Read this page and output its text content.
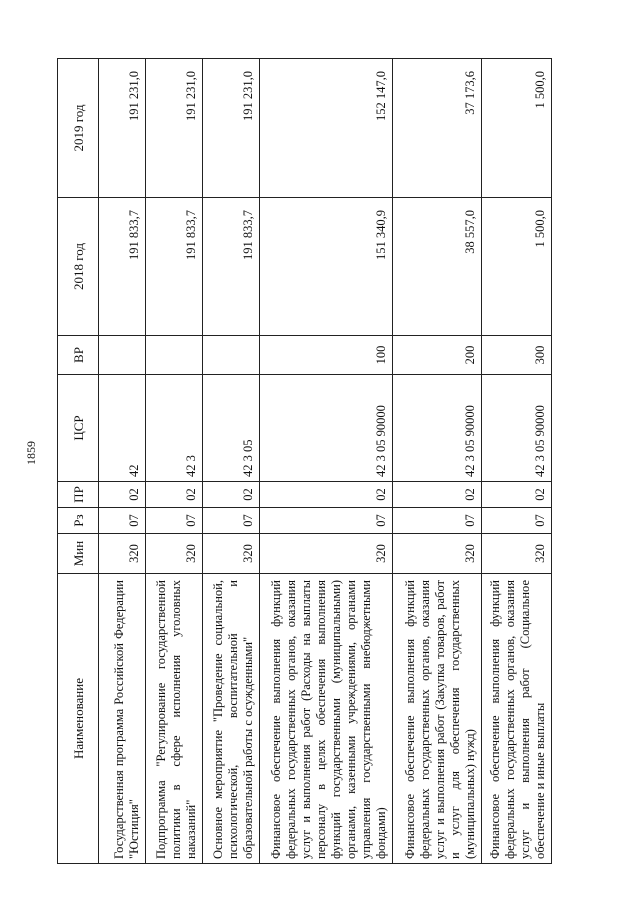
1859
Наименование	Мин	Рз	ПР	ЦСР	ВР	2018 год	2019 год
Государственная программа Российской Федерации "Юстиция"	320	07	02	42		191 833,7	191 231,0
Подпрограмма "Регулирование государственной политики в сфере исполнения уголовных наказаний"	320	07	02	42 3		191 833,7	191 231,0
Основное мероприятие "Проведение социальной, психологической, воспитательной и образовательной работы с осужденными"	320	07	02	42 3 05		191 833,7	191 231,0
Финансовое обеспечение выполнения функций федеральных государственных органов, оказания услуг и выполнения работ (Расходы на выплаты персоналу в целях обеспечения выполнения функций государственными (муниципальными) органами, казенными учреждениями, органами управления государственными внебюджетными фондами)	320	07	02	42 3 05 90000	100	151 340,9	152 147,0
Финансовое обеспечение выполнения функций федеральных государственных органов, оказания услуг и выполнения работ (Закупка товаров, работ и услуг для обеспечения государственных (муниципальных) нужд)	320	07	02	42 3 05 90000	200	38 557,0	37 173,6
Финансовое обеспечение выполнения функций федеральных государственных органов, оказания услуг и выполнения работ (Социальное обеспечение и иные выплаты	320	07	02	42 3 05 90000	300	1 500,0	1 500,0
